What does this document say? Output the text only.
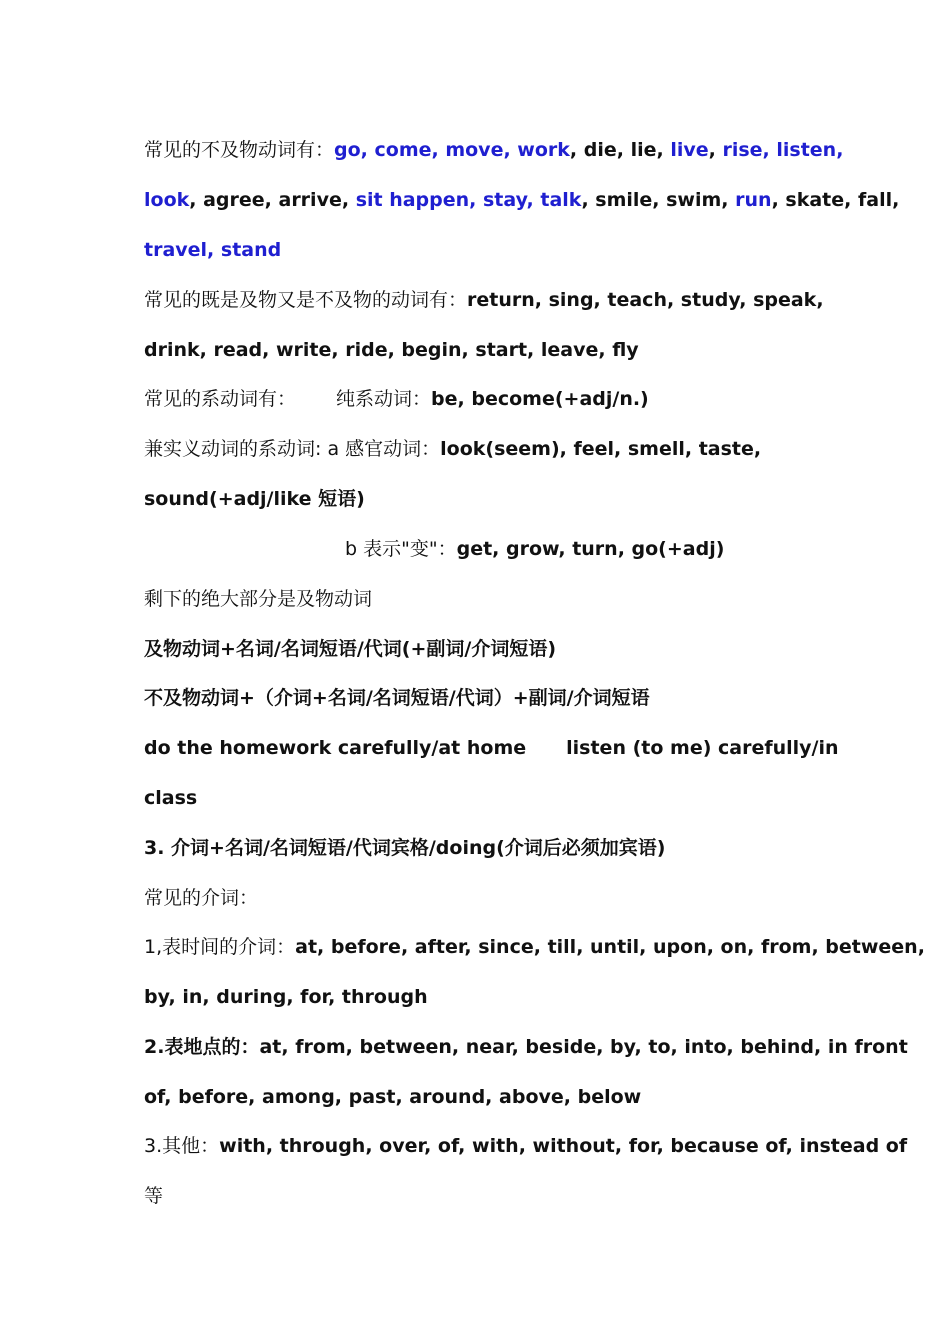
常见的不及物动词有：go, come, move, work, die, lie, live, rise, listen,
look, agree, arrive, sit happen, stay, talk, smile, swim, run, skate, fall,
travel, stand
常见的既是及物又是不及物的动词有：return, sing, teach, study, speak,
drink, read, write, ride, begin, start, leave, fly
常见的系动词有： 纯系动词：be, become(+adj/n.)
兼实义动词的系动词: a 感官动词：look(seem), feel, smell, taste,
sound(+adj/like 短语)
b 表示"变"：get, grow, turn, go(+adj)
剩下的绝大部分是及物动词
及物动词+名词/名词短语/代词(+副词/介词短语)
不及物动词+（介词+名词/名词短语/代词）+副词/介词短语
do the homework carefully/at home listen (to me) carefully/in
class
3. 介词+名词/名词短语/代词宾格/doing(介词后必须加宾语)
常见的介词：
1,表时间的介词：at, before, after, since, till, until, upon, on, from, between,
by, in, during, for, through
2.表地点的：at, from, between, near, beside, by, to, into, behind, in front
of, before, among, past, around, above, below
3.其他：with, through, over, of, with, without, for, because of, instead of
等
